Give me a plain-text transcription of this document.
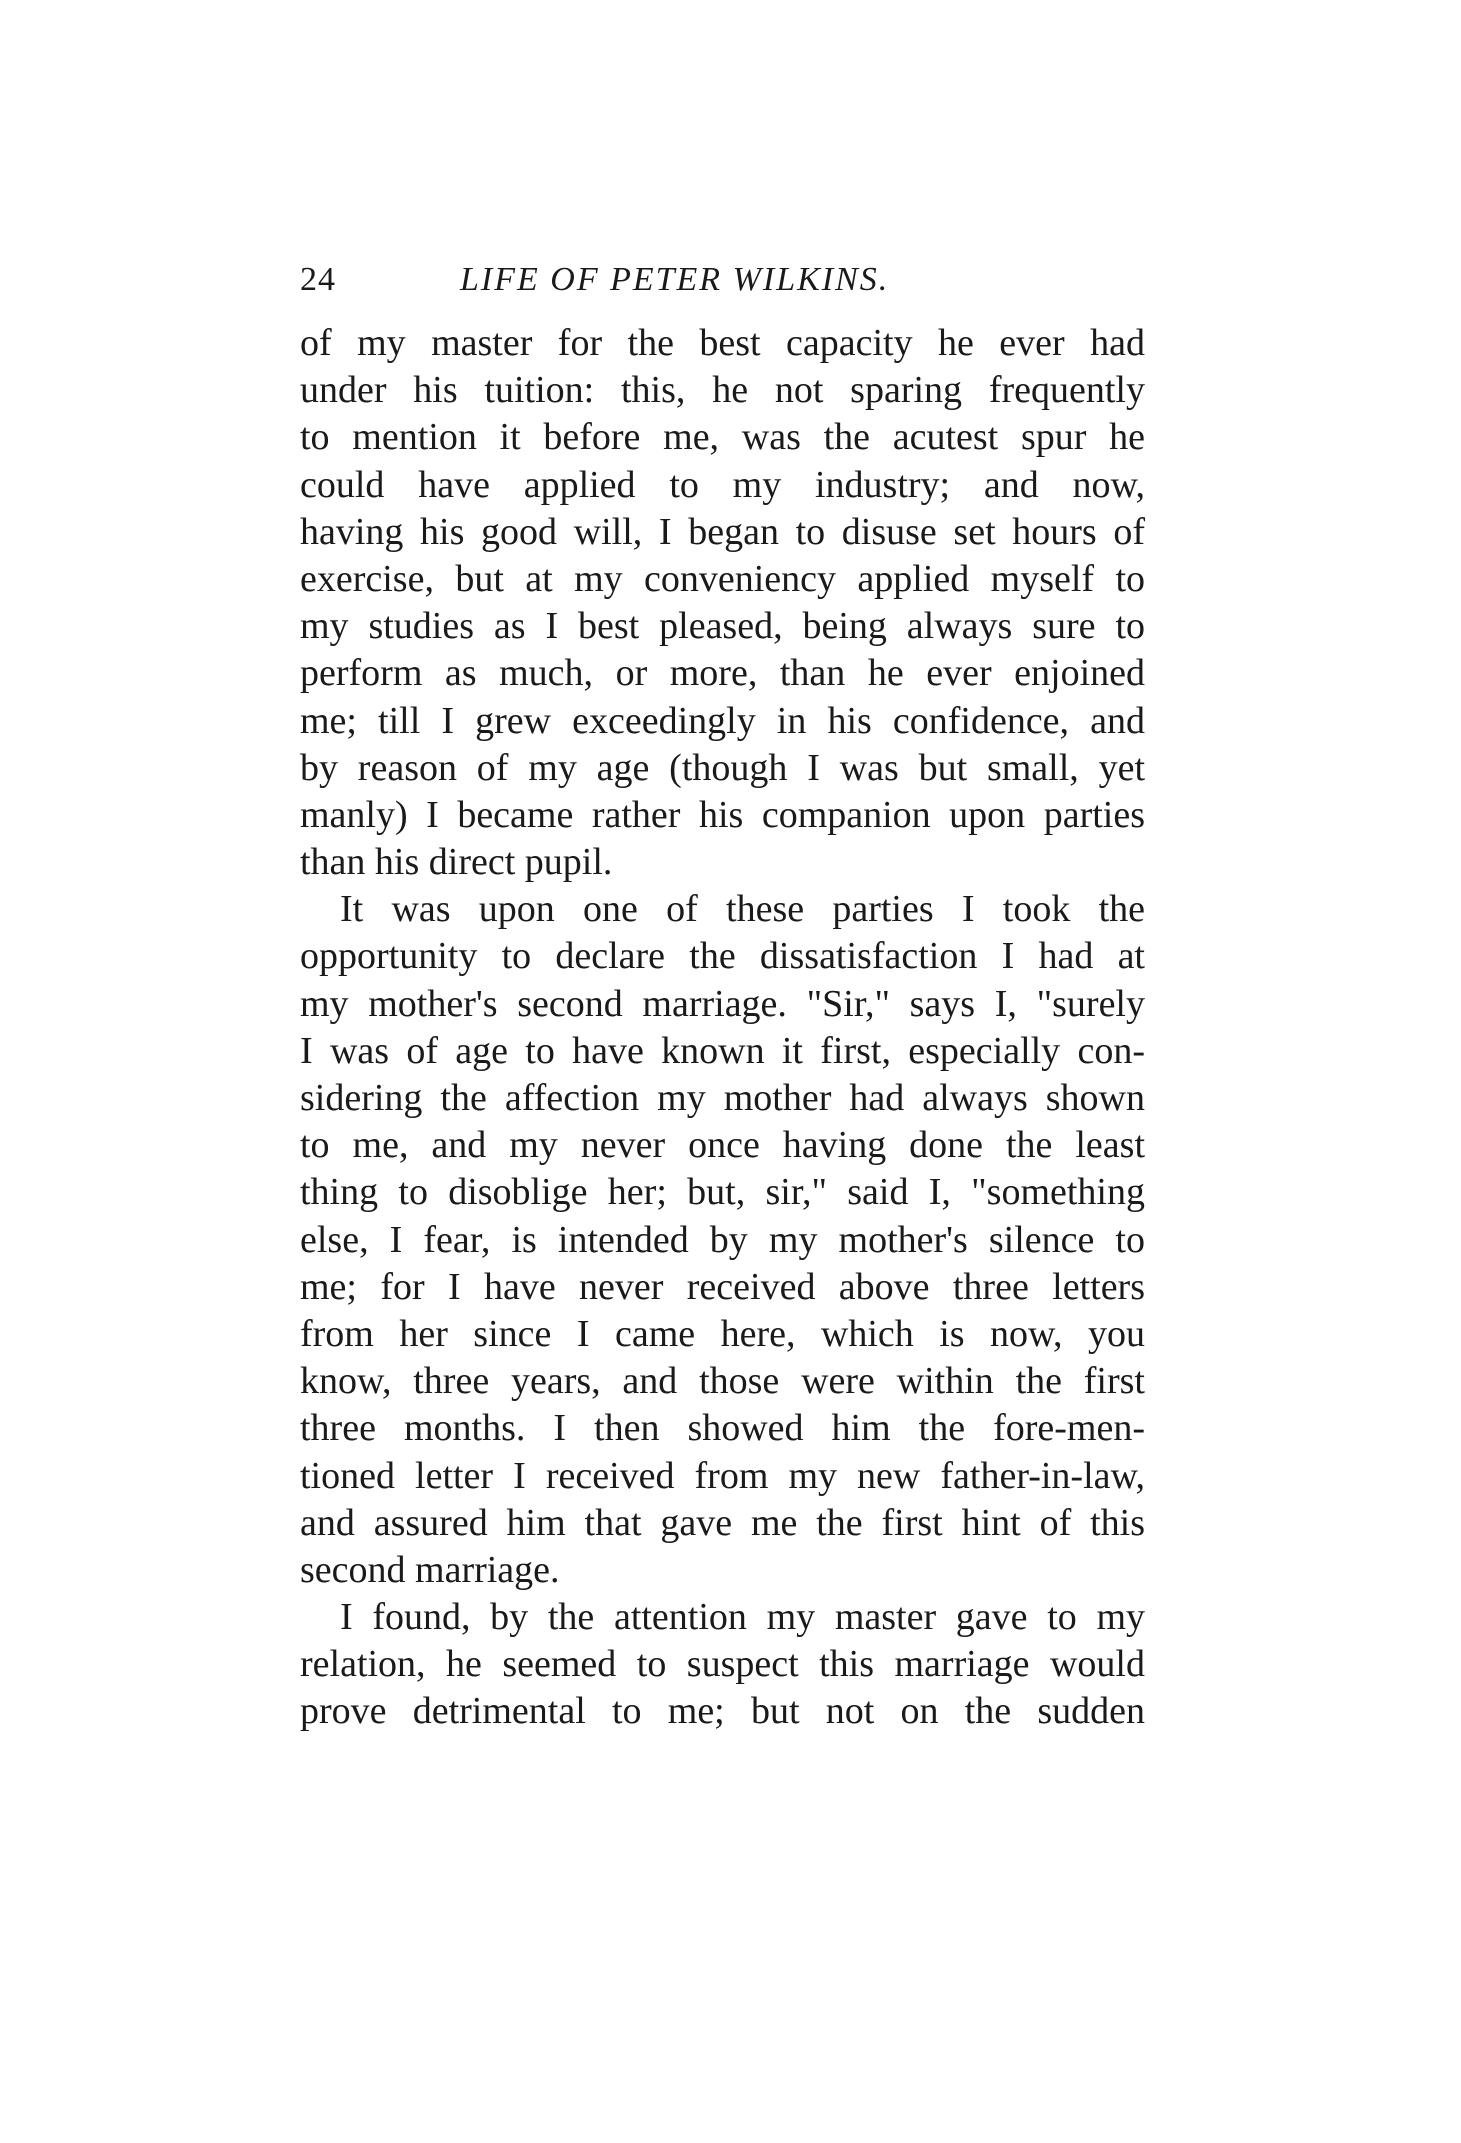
24	LIFE OF PETER WILKINS.
of my master for the best capacity he ever had
under his tuition: this, he not sparing frequently
to mention it before me, was the acutest spur he
could have applied to my industry; and now,
having his good will, I began to disuse set hours of
exercise, but at my conveniency applied myself to
my studies as I best pleased, being always sure to
perform as much, or more, than he ever enjoined
me; till I grew exceedingly in his confidence, and
by reason of my age (though I was but small, yet
manly) I became rather his companion upon parties
than his direct pupil.
It was upon one of these parties I took the
opportunity to declare the dissatisfaction I had at
my mother's second marriage. "Sir," says I, "surely
I was of age to have known it first, especially con-
sidering the affection my mother had always shown
to me, and my never once having done the least
thing to disoblige her; but, sir," said I, "something
else, I fear, is intended by my mother's silence to
me; for I have never received above three letters
from her since I came here, which is now, you
know, three years, and those were within the first
three months. I then showed him the fore-men-
tioned letter I received from my new father-in-law,
and assured him that gave me the first hint of this
second marriage.
I found, by the attention my master gave to my
relation, he seemed to suspect this marriage would
prove detrimental to me; but not on the sudden
